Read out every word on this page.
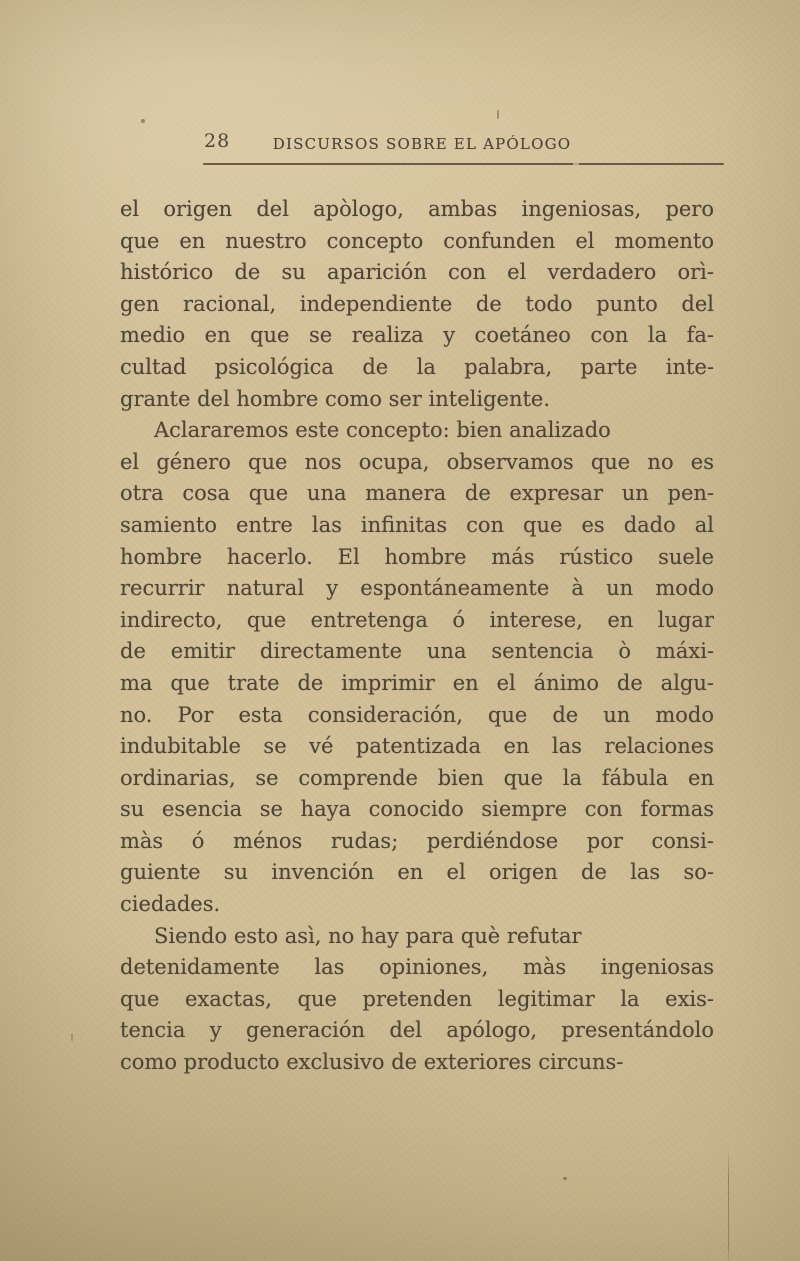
28	DISCURSOS SOBRE EL APÓLOGO
el origen del apòlogo, ambas ingeniosas, pero
que en nuestro concepto confunden el momento
histórico de su aparición con el verdadero orì-
gen racional, independiente de todo punto del
medio en que se realiza y coetáneo con la fa-
cultad psicológica de la palabra, parte inte-
grante del hombre como ser inteligente.
Aclararemos este concepto: bien analizado
el género que nos ocupa, observamos que no es
otra cosa que una manera de expresar un pen-
samiento entre las infinitas con que es dado al
hombre hacerlo. El hombre más rústico suele
recurrir natural y espontáneamente à un modo
indirecto, que entretenga ó interese, en lugar
de emitir directamente una sentencia ò máxi-
ma que trate de imprimir en el ánimo de algu-
no. Por esta consideración, que de un modo
indubitable se vé patentizada en las relaciones
ordinarias, se comprende bien que la fábula en
su esencia se haya conocido siempre con formas
màs ó ménos rudas; perdiéndose por consi-
guiente su invención en el origen de las so-
ciedades.
Siendo esto asì, no hay para què refutar
detenidamente las opiniones, màs ingeniosas
que exactas, que pretenden legitimar la exis-
tencia y generación del apólogo, presentándolo
como producto exclusivo de exteriores circuns-
